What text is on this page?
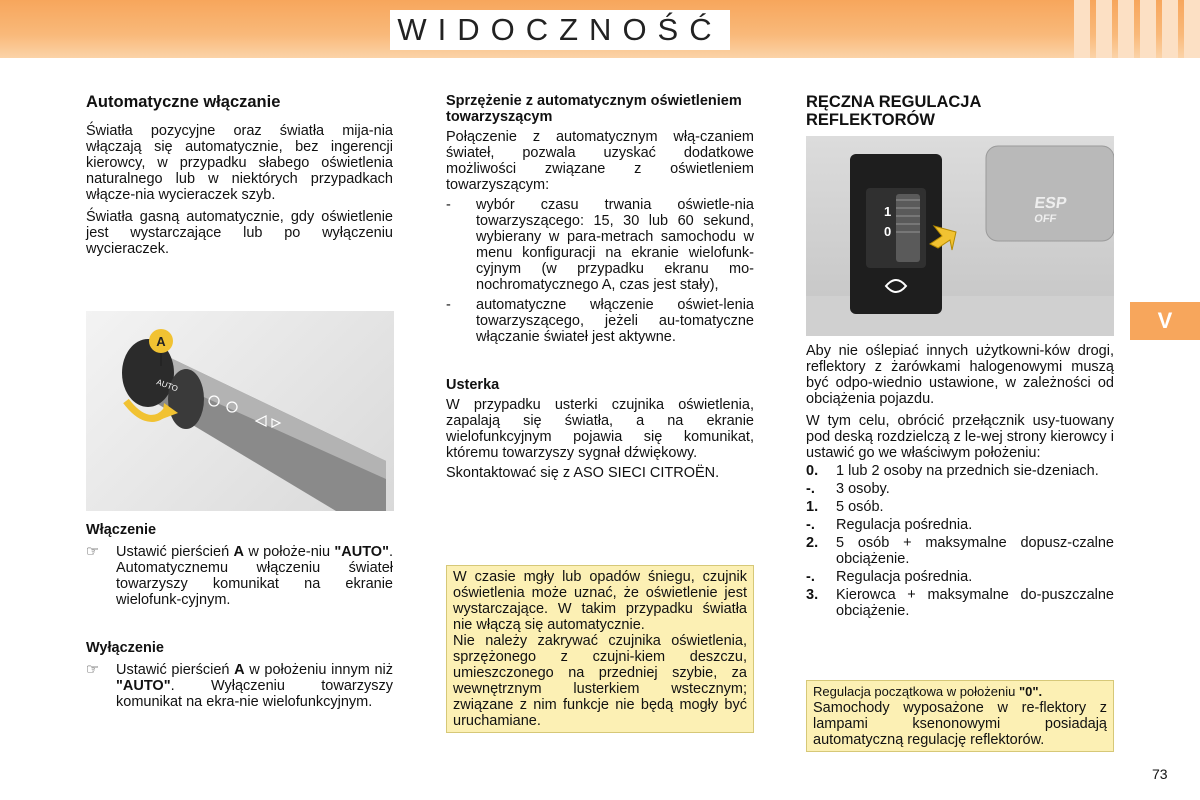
WIDOCZNOŚĆ
V
Automatyczne włączanie

Światła pozycyjne oraz światła mija-nia włączają się automatycznie, bez ingerencji kierowcy, w przypadku słabego oświetlenia naturalnego lub w niektórych przypadkach włącze-nia wycieraczek szyb.

Światła gasną automatycznie, gdy oświetlenie jest wystarczające lub po wyłączeniu wycieraczek.

A
AUTO
Włączenie
☞	Ustawić pierścień A w położe-niu "AUTO". Automatycznemu włączeniu świateł towarzyszy komunikat na ekranie wielofunk-cyjnym.
Wyłączenie
☞	Ustawić pierścień A w położeniu innym niż "AUTO". Wyłączeniu towarzyszy komunikat na ekra-nie wielofunkcyjnym.
Sprzężenie z automatycznym oświetleniem towarzyszącym

Połączenie z automatycznym włą-czaniem świateł, pozwala uzyskać dodatkowe możliwości związane z oświetleniem towarzyszącym:

-	wybór czasu trwania oświetle-nia towarzyszącego: 15, 30 lub 60 sekund, wybierany w para-metrach samochodu w menu konfiguracji na ekranie wielofunk-cyjnym (w przypadku ekranu mo-nochromatycznego A, czas jest stały),
-	automatyczne włączenie oświet-lenia towarzyszącego, jeżeli au-tomatyczne włączanie świateł jest aktywne.
Usterka

W przypadku usterki czujnika oświetlenia, zapalają się światła, a na ekranie wielofunkcyjnym pojawia się komunikat, któremu towarzyszy sygnał dźwiękowy.

Skontaktować się z ASO SIECI CITROËN.

W czasie mgły lub opadów śniegu, czujnik oświetlenia może uznać, że oświetlenie jest wystarczające. W takim przypadku światła nie włączą się automatycznie.

Nie należy zakrywać czujnika oświetlenia, sprzężonego z czujni-kiem deszczu, umieszczonego na przedniej szybie, za wewnętrznym lusterkiem wstecznym; związane z nim funkcje nie będą mogły być uruchamiane.

RĘCZNA REGULACJA REFLEKTORÓW
ESP
OFF
1
0

Aby nie oślepiać innych użytkowni-ków drogi, reflektory z żarówkami halogenowymi muszą być odpo-wiednio ustawione, w zależności od obciążenia pojazdu.

W tym celu, obrócić przełącznik usy-tuowany pod deską rozdzielczą z le-wej strony kierowcy i ustawić go we właściwym położeniu:

0.	1 lub 2 osoby na przednich sie-dzeniach.
-.	3 osoby.
1.	5 osób.
-.	Regulacja pośrednia.
2.	5 osób + maksymalne dopusz-czalne obciążenie.
-.	Regulacja pośrednia.
3.	Kierowca + maksymalne do-puszczalne obciążenie.

Regulacja początkowa w położeniu "0".

Samochody wyposażone w re-flektory z lampami ksenonowymi posiadają automatyczną regulację reflektorów.

73
